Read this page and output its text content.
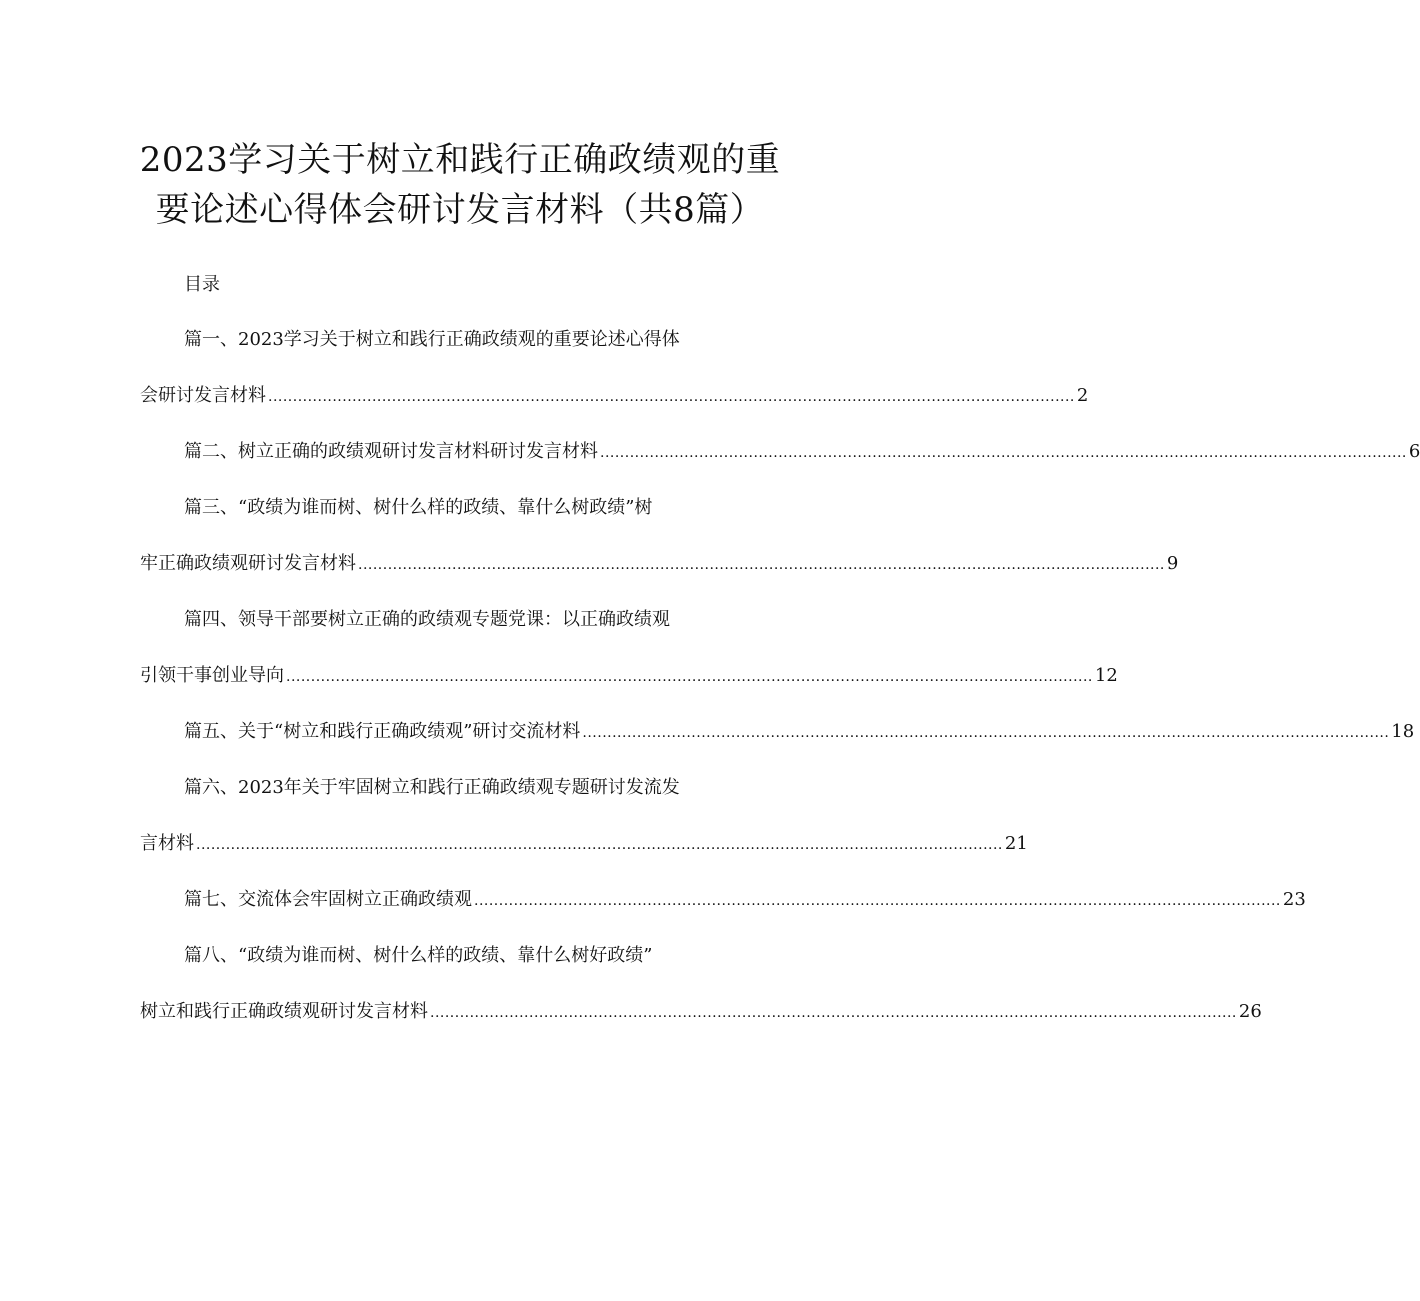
2023学习关于树立和践行正确政绩观的重
要论述心得体会研讨发言材料（共8篇）

目录

篇一、2023学习关于树立和践行正确政绩观的重要论述心得体
会研讨发言材料 ................................................................................................................................................................... 2
篇二、树立正确的政绩观研讨发言材料研讨发言材料 ................................................................................................................................................................... 6
篇三、“政绩为谁而树、树什么样的政绩、靠什么树政绩”树
牢正确政绩观研讨发言材料 ................................................................................................................................................................... 9
篇四、领导干部要树立正确的政绩观专题党课：以正确政绩观
引领干事创业导向 ................................................................................................................................................................... 12
篇五、关于“树立和践行正确政绩观”研讨交流材料 ................................................................................................................................................................... 18
篇六、2023年关于牢固树立和践行正确政绩观专题研讨发流发
言材料 ................................................................................................................................................................... 21
篇七、交流体会牢固树立正确政绩观 ................................................................................................................................................................... 23
篇八、“政绩为谁而树、树什么样的政绩、靠什么树好政绩”
树立和践行正确政绩观研讨发言材料 ................................................................................................................................................................... 26
